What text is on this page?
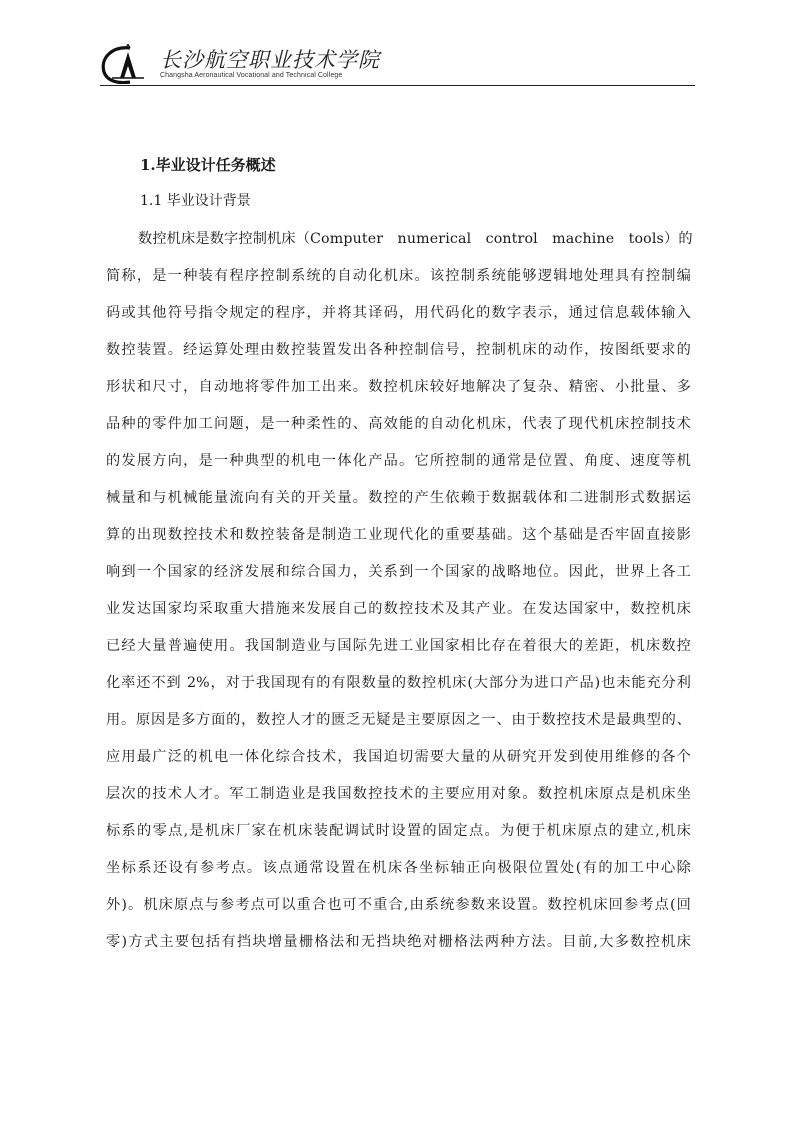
长沙航空职业技术学院
Changsha Aeronautical Vocational and Technical College
1.毕业设计任务概述
1.1 毕业设计背景
数控机床是数字控制机床（Computer　numerical　control　machine　tools）的
简称，是一种装有程序控制系统的自动化机床。该控制系统能够逻辑地处理具有控制编
码或其他符号指令规定的程序，并将其译码，用代码化的数字表示，通过信息载体输入
数控装置。经运算处理由数控装置发出各种控制信号，控制机床的动作，按图纸要求的
形状和尺寸，自动地将零件加工出来。数控机床较好地解决了复杂、精密、小批量、多
品种的零件加工问题，是一种柔性的、高效能的自动化机床，代表了现代机床控制技术
的发展方向，是一种典型的机电一体化产品。它所控制的通常是位置、角度、速度等机
械量和与机械能量流向有关的开关量。数控的产生依赖于数据载体和二进制形式数据运
算的出现数控技术和数控装备是制造工业现代化的重要基础。这个基础是否牢固直接影
响到一个国家的经济发展和综合国力，关系到一个国家的战略地位。因此，世界上各工
业发达国家均采取重大措施来发展自己的数控技术及其产业。在发达国家中，数控机床
已经大量普遍使用。我国制造业与国际先进工业国家相比存在着很大的差距，机床数控
化率还不到 2%，对于我国现有的有限数量的数控机床(大部分为进口产品)也未能充分利
用。原因是多方面的，数控人才的匮乏无疑是主要原因之一、由于数控技术是最典型的、
应用最广泛的机电一体化综合技术，我国迫切需要大量的从研究开发到使用维修的各个
层次的技术人才。军工制造业是我国数控技术的主要应用对象。数控机床原点是机床坐
标系的零点,是机床厂家在机床装配调试时设置的固定点。为便于机床原点的建立,机床
坐标系还设有参考点。该点通常设置在机床各坐标轴正向极限位置处(有的加工中心除
外)。机床原点与参考点可以重合也可不重合,由系统参数来设置。数控机床回参考点(回
零)方式主要包括有挡块增量栅格法和无挡块绝对栅格法两种方法。目前,大多数控机床
